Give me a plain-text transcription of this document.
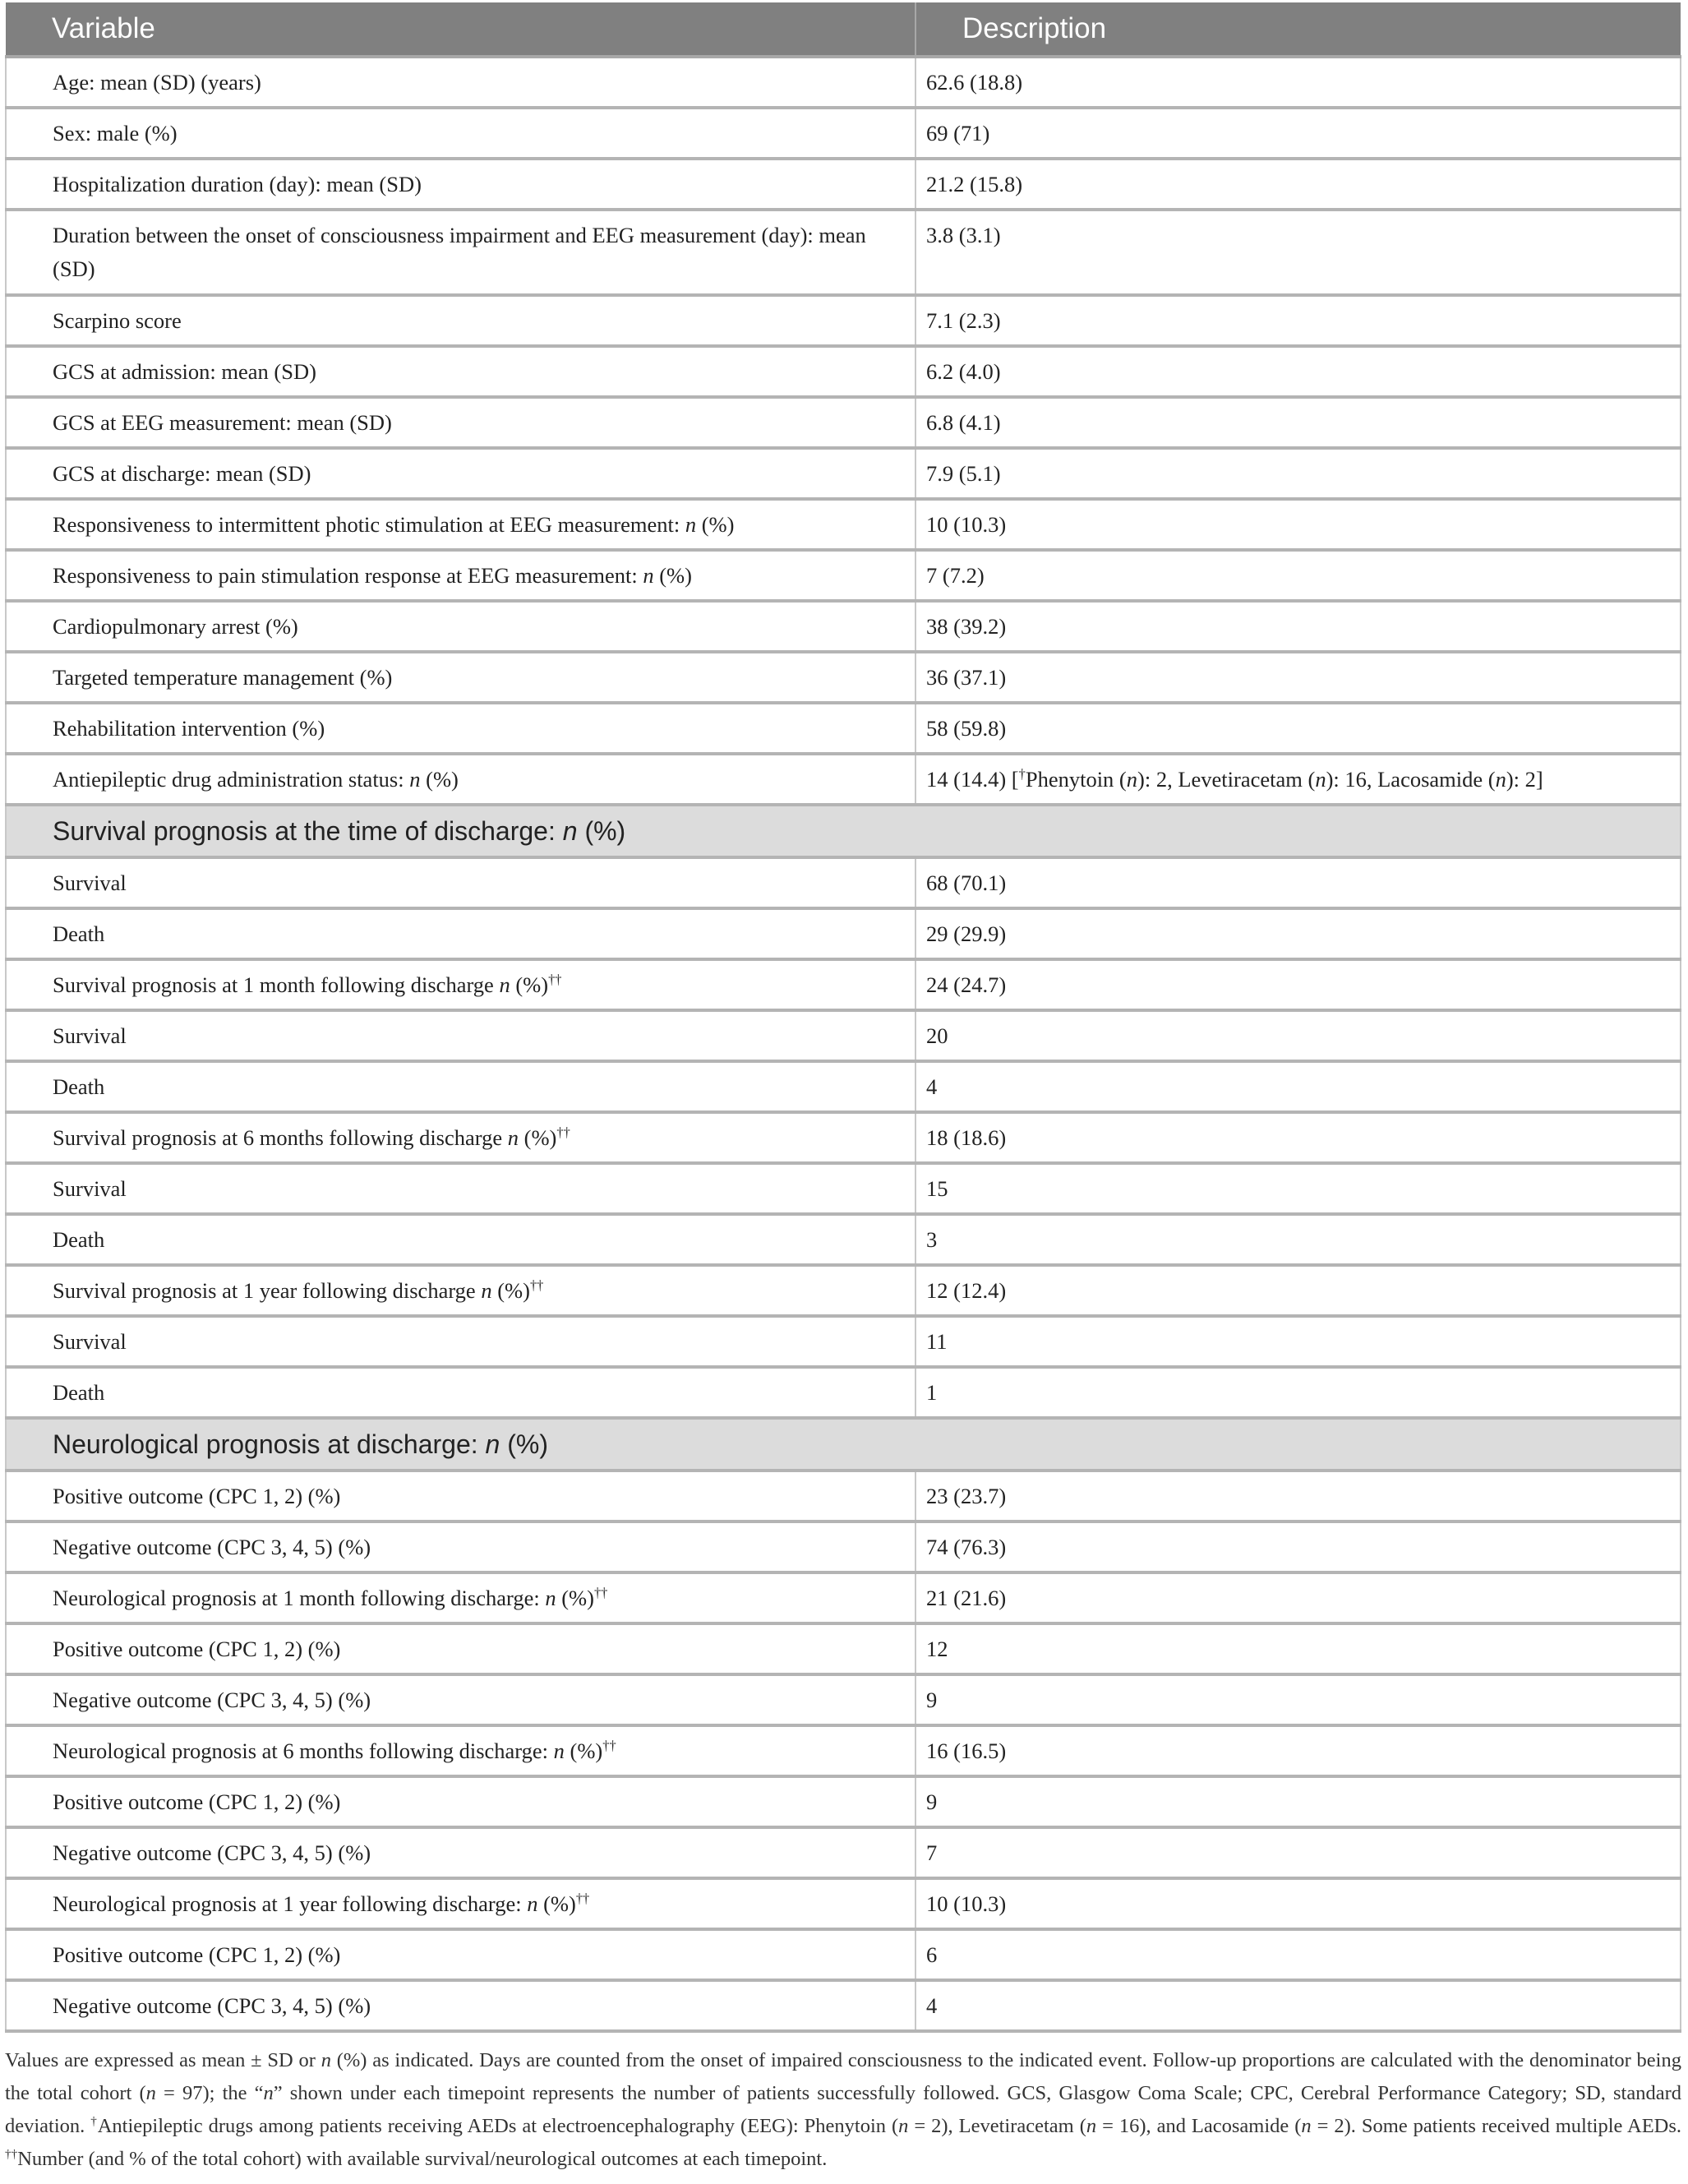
Variable	Description
Age: mean (SD) (years)	62.6 (18.8)
Sex: male (%)	69 (71)
Hospitalization duration (day): mean (SD)	21.2 (15.8)
Duration between the onset of consciousness impairment and EEG measurement (day): mean (SD)	3.8 (3.1)
Scarpino score	7.1 (2.3)
GCS at admission: mean (SD)	6.2 (4.0)
GCS at EEG measurement: mean (SD)	6.8 (4.1)
GCS at discharge: mean (SD)	7.9 (5.1)
Responsiveness to intermittent photic stimulation at EEG measurement: n (%)	10 (10.3)
Responsiveness to pain stimulation response at EEG measurement: n (%)	7 (7.2)
Cardiopulmonary arrest (%)	38 (39.2)
Targeted temperature management (%)	36 (37.1)
Rehabilitation intervention (%)	58 (59.8)
Antiepileptic drug administration status: n (%)	14 (14.4) [†Phenytoin (n): 2, Levetiracetam (n): 16, Lacosamide (n): 2]
Survival prognosis at the time of discharge: n (%)	
Survival	68 (70.1)
Death	29 (29.9)
Survival prognosis at 1 month following discharge n (%)††	24 (24.7)
Survival	20
Death	4
Survival prognosis at 6 months following discharge n (%)††	18 (18.6)
Survival	15
Death	3
Survival prognosis at 1 year following discharge n (%)††	12 (12.4)
Survival	11
Death	1
Neurological prognosis at discharge: n (%)	
Positive outcome (CPC 1, 2) (%)	23 (23.7)
Negative outcome (CPC 3, 4, 5) (%)	74 (76.3)
Neurological prognosis at 1 month following discharge: n (%)††	21 (21.6)
Positive outcome (CPC 1, 2) (%)	12
Negative outcome (CPC 3, 4, 5) (%)	9
Neurological prognosis at 6 months following discharge: n (%)††	16 (16.5)
Positive outcome (CPC 1, 2) (%)	9
Negative outcome (CPC 3, 4, 5) (%)	7
Neurological prognosis at 1 year following discharge: n (%)††	10 (10.3)
Positive outcome (CPC 1, 2) (%)	6
Negative outcome (CPC 3, 4, 5) (%)	4
Values are expressed as mean ± SD or n (%) as indicated. Days are counted from the onset of impaired consciousness to the indicated event. Follow-up proportions are calculated with the denominator being the total cohort (n = 97); the “n” shown under each timepoint represents the number of patients successfully followed. GCS, Glasgow Coma Scale; CPC, Cerebral Performance Category; SD, standard deviation. †Antiepileptic drugs among patients receiving AEDs at electroencephalography (EEG): Phenytoin (n = 2), Levetiracetam (n = 16), and Lacosamide (n = 2). Some patients received multiple AEDs. ††Number (and % of the total cohort) with available survival/neurological outcomes at each timepoint.
